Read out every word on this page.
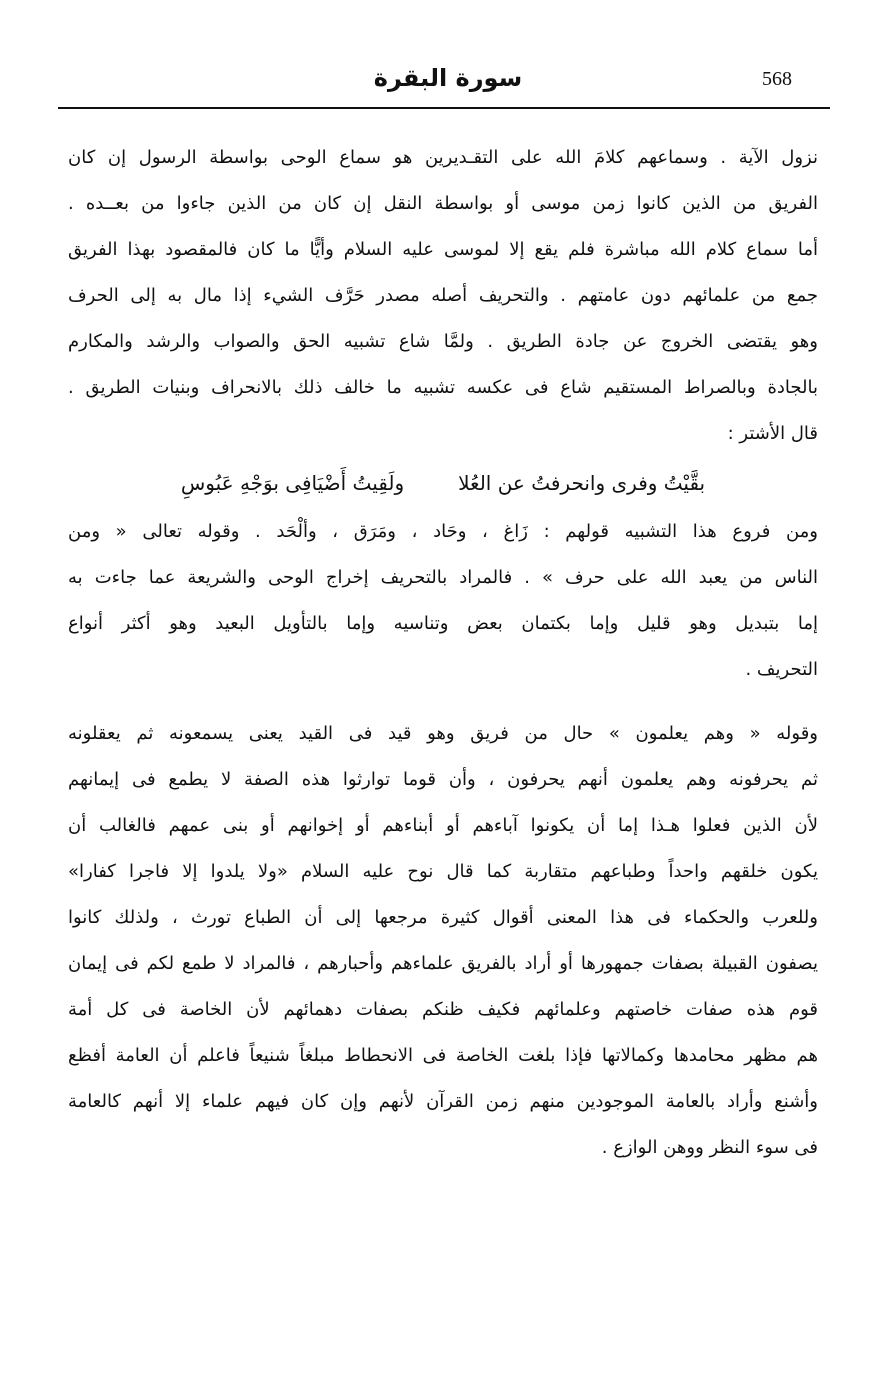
568
سورة البقرة
نزول الآية . وسماعهم كلامَ الله على التقـديرين هو سماع الوحى بواسطة الرسول إن كان
الفريق من الذين كانوا زمن موسى أو بواسطة النقل إن كان من الذين جاءوا من بعــده .
أما سماع كلام الله مباشرة فلم يقع إلا لموسى عليه السلام وأيًّا ما كان فالمقصود بهذا الفريق
جمع من علمائهم دون عامتهم . والتحريف أصله مصدر حَرَّف الشيء إذا مال به إلى الحرف
وهو يقتضى الخروج عن جادة الطريق . ولمَّا شاع تشبيه الحق والصواب والرشد والمكارم
بالجادة وبالصراط المستقيم شاع فى عكسه تشبيه ما خالف ذلك بالانحراف وبنيات الطريق .
قال الأشتر :
بقَّيْتُ وفرى وانحرفتُ عن العُلا
ولَقِيتُ أَضْيَافِى بوَجْهِ عَبُوسِ
ومن فروع هذا التشبيه قولهم : زَاغ ، وحَاد ، ومَرَق ، وألْحَد . وقوله تعالى « ومن
الناس من يعبد الله على حرف » . فالمراد بالتحريف إخراج الوحى والشريعة عما جاءت به
إما بتبديل وهو قليل وإما بكتمان بعض وتناسيه وإما بالتأويل البعيد وهو أكثر أنواع
التحريف .
وقوله « وهم يعلمون » حال من فريق وهو قيد فى القيد يعنى يسمعونه ثم يعقلونه
ثم يحرفونه وهم يعلمون أنهم يحرفون ، وأن قوما توارثوا هذه الصفة لا يطمع فى إيمانهم
لأن الذين فعلوا هـذا إما أن يكونوا آباءهم أو أبناءهم أو إخوانهم أو بنى عمهم فالغالب أن
يكون خلقهم واحداً وطباعهم متقاربة كما قال نوح عليه السلام «ولا يلدوا إلا فاجرا كفارا»
وللعرب والحكماء فى هذا المعنى أقوال كثيرة مرجعها إلى أن الطباع تورث ، ولذلك كانوا
يصفون القبيلة بصفات جمهورها أو أراد بالفريق علماءهم وأحبارهم ، فالمراد لا طمع لكم فى إيمان
قوم هذه صفات خاصتهم وعلمائهم فكيف ظنكم بصفات دهمائهم لأن الخاصة فى كل أمة
هم مظهر محامدها وكمالاتها فإذا بلغت الخاصة فى الانحطاط مبلغاً شنيعاً فاعلم أن العامة أفظع
وأشنع وأراد بالعامة الموجودين منهم زمن القرآن لأنهم وإن كان فيهم علماء إلا أنهم كالعامة
فى سوء النظر ووهن الوازع .
